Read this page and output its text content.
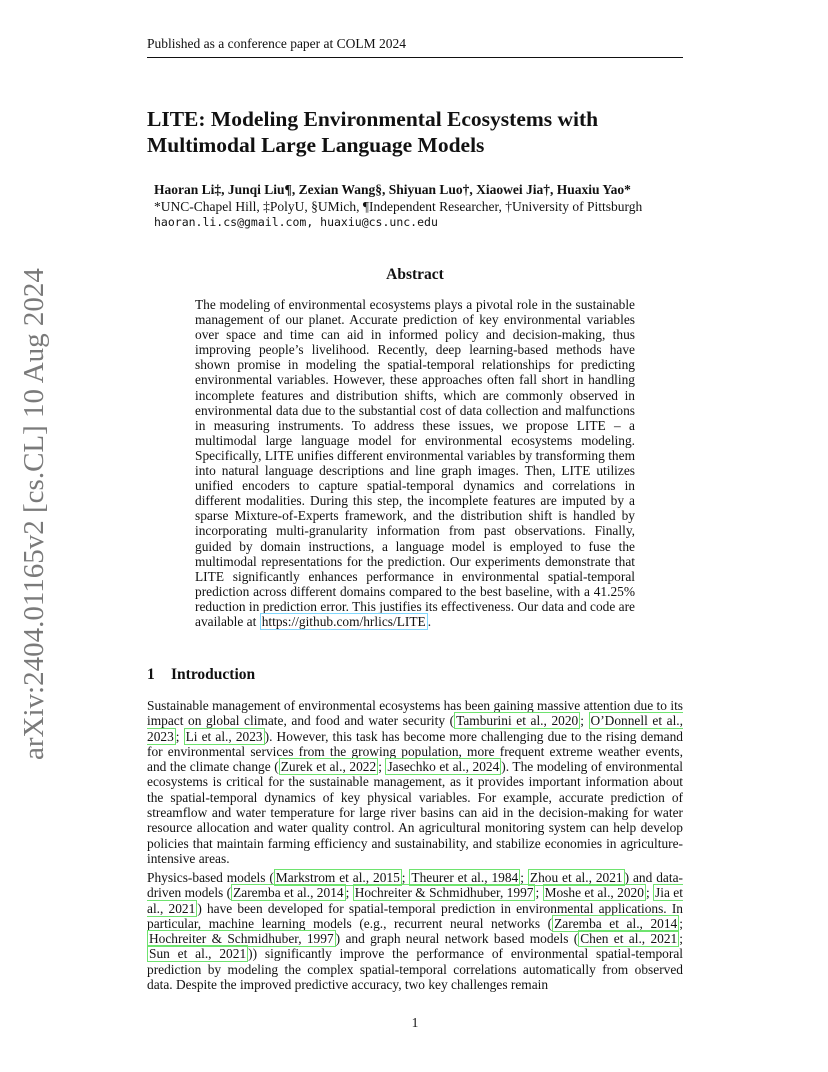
Published as a conference paper at COLM 2024
arXiv:2404.01165v2 [cs.CL] 10 Aug 2024
LITE: Modeling Environmental Ecosystems with Multimodal Large Language Models
Haoran Li‡, Junqi Liu¶, Zexian Wang§, Shiyuan Luo†, Xiaowei Jia†, Huaxiu Yao*
*UNC-Chapel Hill, ‡PolyU, §UMich, ¶Independent Researcher, †University of Pittsburgh
haoran.li.cs@gmail.com, huaxiu@cs.unc.edu
Abstract
The modeling of environmental ecosystems plays a pivotal role in the sustainable management of our planet. Accurate prediction of key environmental variables over space and time can aid in informed policy and decision-making, thus improving people’s livelihood. Recently, deep learning-based methods have shown promise in modeling the spatial-temporal relationships for predicting environmental variables. However, these approaches often fall short in handling incomplete features and distribution shifts, which are commonly observed in environmental data due to the substantial cost of data collection and malfunctions in measuring instruments. To address these issues, we propose LITE – a multimodal large language model for environmental ecosystems modeling. Specifically, LITE unifies different environmental variables by transforming them into natural language descriptions and line graph images. Then, LITE utilizes unified encoders to capture spatial-temporal dynamics and correlations in different modalities. During this step, the incomplete features are imputed by a sparse Mixture-of-Experts framework, and the distribution shift is handled by incorporating multi-granularity information from past observations. Finally, guided by domain instructions, a language model is employed to fuse the multimodal representations for the prediction. Our experiments demonstrate that LITE significantly enhances performance in environmental spatial-temporal prediction across different domains compared to the best baseline, with a 41.25% reduction in prediction error. This justifies its effectiveness. Our data and code are available at https://github.com/hrlics/LITE .
1 Introduction
Sustainable management of environmental ecosystems has been gaining massive attention due to its impact on global climate, and food and water security ( Tamburini et al., 2020 ; O’Donnell et al., 2023 ; Li et al., 2023 ). However, this task has become more challenging due to the rising demand for environmental services from the growing population, more frequent extreme weather events, and the climate change ( Zurek et al., 2022 ; Jasechko et al., 2024 ). The modeling of environmental ecosystems is critical for the sustainable management, as it provides important information about the spatial-temporal dynamics of key physical variables. For example, accurate prediction of streamflow and water temperature for large river basins can aid in the decision-making for water resource allocation and water quality control. An agricultural monitoring system can help develop policies that maintain farming efficiency and sustainability, and stabilize economies in agriculture-intensive areas.
Physics-based models ( Markstrom et al., 2015 ; Theurer et al., 1984 ; Zhou et al., 2021 ) and data-driven models ( Zaremba et al., 2014 ; Hochreiter & Schmidhuber, 1997 ; Moshe et al., 2020 ; Jia et al., 2021 ) have been developed for spatial-temporal prediction in environmental applications. In particular, machine learning models (e.g., recurrent neural networks ( Zaremba et al., 2014 ; Hochreiter & Schmidhuber, 1997 ) and graph neural network based models ( Chen et al., 2021 ; Sun et al., 2021 )) significantly improve the performance of environmental spatial-temporal prediction by modeling the complex spatial-temporal correlations automatically from observed data. Despite the improved predictive accuracy, two key challenges remain
1
